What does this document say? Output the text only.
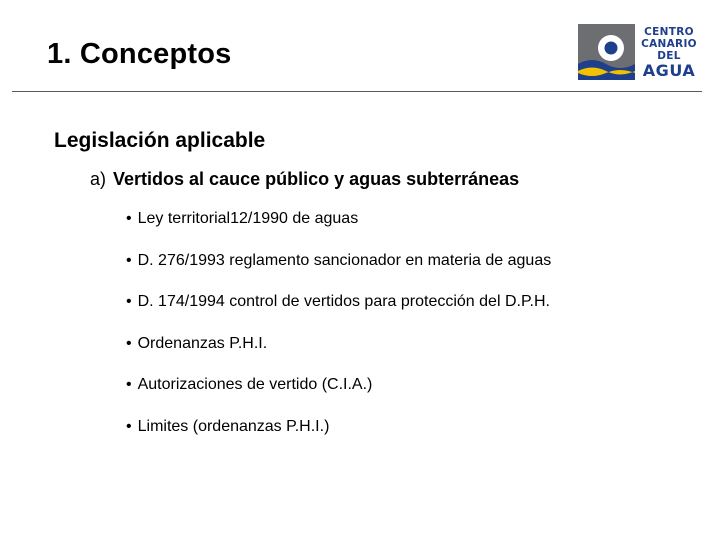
1. Conceptos
CENTRO
CANARIO
DEL
AGUA
Legislación aplicable
a) Vertidos al cauce público y aguas subterráneas
• Ley territorial12/1990 de aguas
• D. 276/1993 reglamento sancionador en materia de aguas
• D. 174/1994 control de vertidos para protección del D.P.H.
• Ordenanzas P.H.I.
• Autorizaciones de vertido (C.I.A.)
• Limites (ordenanzas P.H.I.)
